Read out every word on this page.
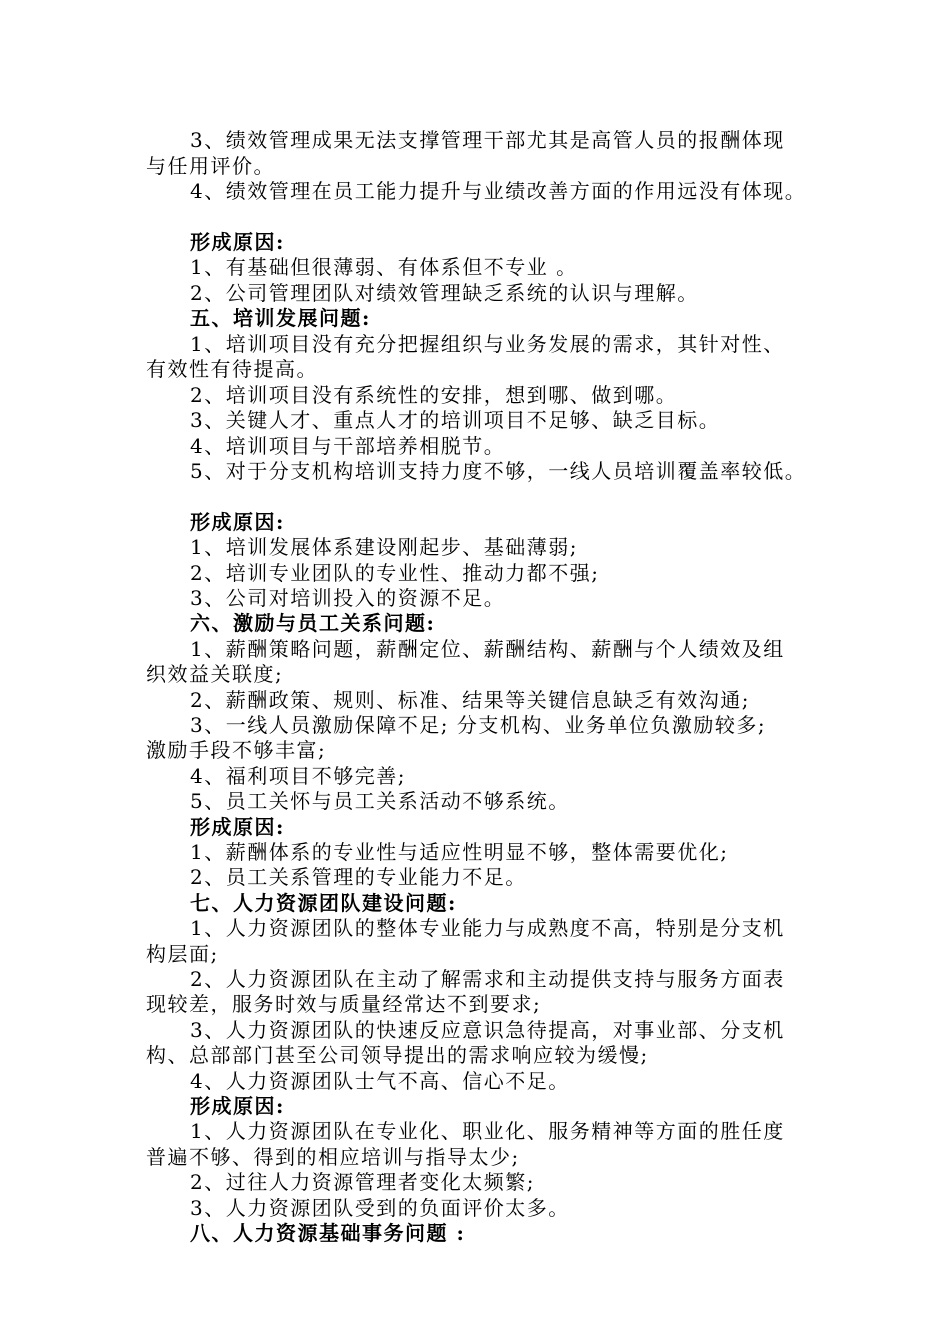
3、绩效管理成果无法支撑管理干部尤其是高管人员的报酬体现
与任用评价。
4、绩效管理在员工能力提升与业绩改善方面的作用远没有体现。
形成原因:
1、有基础但很薄弱、有体系但不专业 。
2、公司管理团队对绩效管理缺乏系统的认识与理解。
五、培训发展问题:
1、培训项目没有充分把握组织与业务发展的需求，其针对性、
有效性有待提高。
2、培训项目没有系统性的安排，想到哪、做到哪。
3、关键人才、重点人才的培训项目不足够、缺乏目标。
4、培训项目与干部培养相脱节。
5、对于分支机构培训支持力度不够，一线人员培训覆盖率较低。
形成原因:
1、培训发展体系建设刚起步、基础薄弱;
2、培训专业团队的专业性、推动力都不强;
3、公司对培训投入的资源不足。
六、激励与员工关系问题:
1、薪酬策略问题，薪酬定位、薪酬结构、薪酬与个人绩效及组
织效益关联度;
2、薪酬政策、规则、标准、结果等关键信息缺乏有效沟通;
3、一线人员激励保障不足; 分支机构、业务单位负激励较多;
激励手段不够丰富;
4、福利项目不够完善;
5、员工关怀与员工关系活动不够系统。
形成原因:
1、薪酬体系的专业性与适应性明显不够，整体需要优化;
2、员工关系管理的专业能力不足。
七、人力资源团队建设问题:
1、人力资源团队的整体专业能力与成熟度不高，特别是分支机
构层面;
2、人力资源团队在主动了解需求和主动提供支持与服务方面表
现较差，服务时效与质量经常达不到要求;
3、人力资源团队的快速反应意识急待提高，对事业部、分支机
构、总部部门甚至公司领导提出的需求响应较为缓慢;
4、人力资源团队士气不高、信心不足。
形成原因:
1、人力资源团队在专业化、职业化、服务精神等方面的胜任度
普遍不够、得到的相应培训与指导太少;
2、过往人力资源管理者变化太频繁;
3、人力资源团队受到的负面评价太多。
八、人力资源基础事务问题 :
